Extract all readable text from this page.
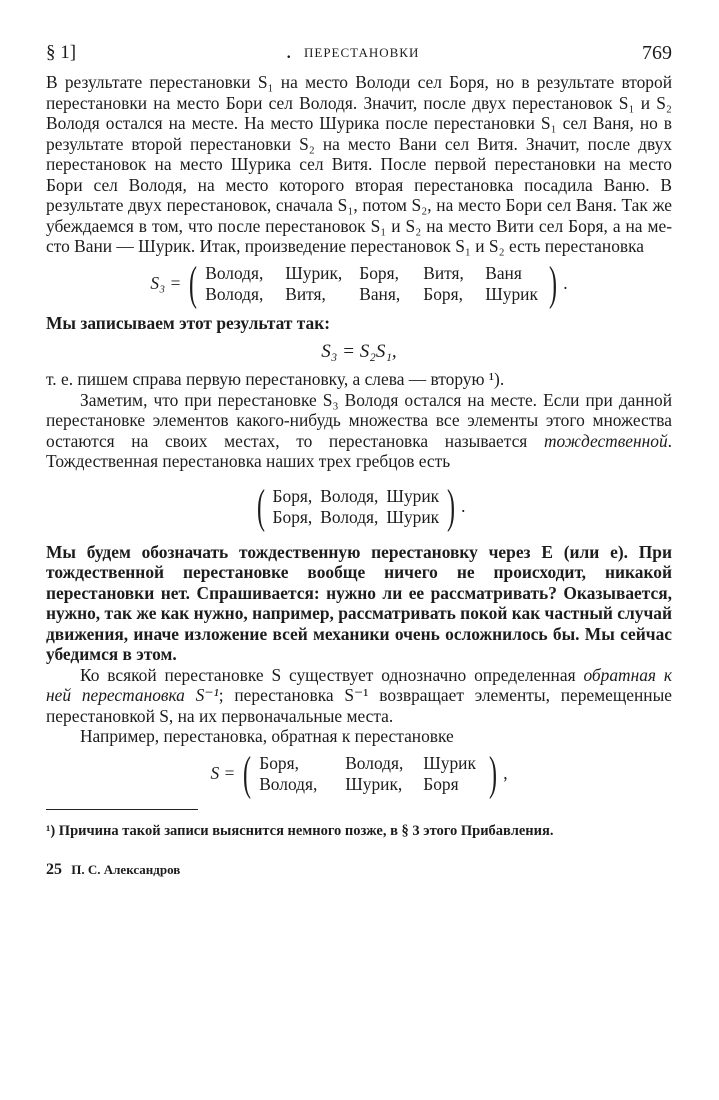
§ 1]	. ПЕРЕСТАНОВКИ	769

В результате перестановки S₁ на место Володи сел Боря, но в результате второй перестановки на место Бори сел Володя. Значит, после двух перестановок S₁ и S₂ Володя остался на месте. На место Шурика после перестановки S₁ сел Ваня, но в результате второй перестановки S₂ на место Вани сел Витя. Значит, после двух перестановок на место Шурика сел Витя. После первой перестановки на место Бори сел Володя, на место которого вторая перестановка посадила Ваню. В результате двух перестановок, сначала S₁, потом S₂, на место Бори сел Ваня. Так же убеждаемся в том, что после перестановок S₁ и S₂ на место Вити сел Боря, а на место Вани — Шурик. Итак, произведение перестановок S₁ и S₂ есть перестановка

S₃ = ( Володя,	Шурик, Боря,	Витя,	Ваня
Володя,	Витя,	Ваня,	Боря,	Шурик ) .

Мы записываем этот результат так:

S₃ = S₂S₁,

т. е. пишем справа первую перестановку, а слева — вторую ¹).

Заметим, что при перестановке S₃ Володя остался на месте. Если при данной перестановке элементов какого-нибудь множества все элементы этого множества остаются на своих местах, то перестановка называется тождественной. Тождественная перестановка наших трех гребцов есть

( Боря, Володя, Шурик
Боря, Володя, Шурик ) .

Мы будем обозначать тождественную перестановку через E (или e). При тождественной перестановке вообще ничего не происходит, никакой перестановки нет. Спрашивается: нужно ли ее рассматривать? Оказывается, нужно, так же как нужно, например, рассматривать покой как частный случай движения, иначе изложение всей механики очень осложнилось бы. Мы сейчас убедимся в этом.

Ко всякой перестановке S существует однозначно определенная обратная к ней перестановка S⁻¹; перестановка S⁻¹ возвращает элементы, перемещенные перестановкой S, на их первоначальные места.

Например, перестановка, обратная к перестановке

S = ( Боря,	Володя,	Шурик
Володя,	Шурик,	Боря ) ,
¹) Причина такой записи выяснится немного позже, в § 3 этого Прибавления.
25 П. С. Александров
